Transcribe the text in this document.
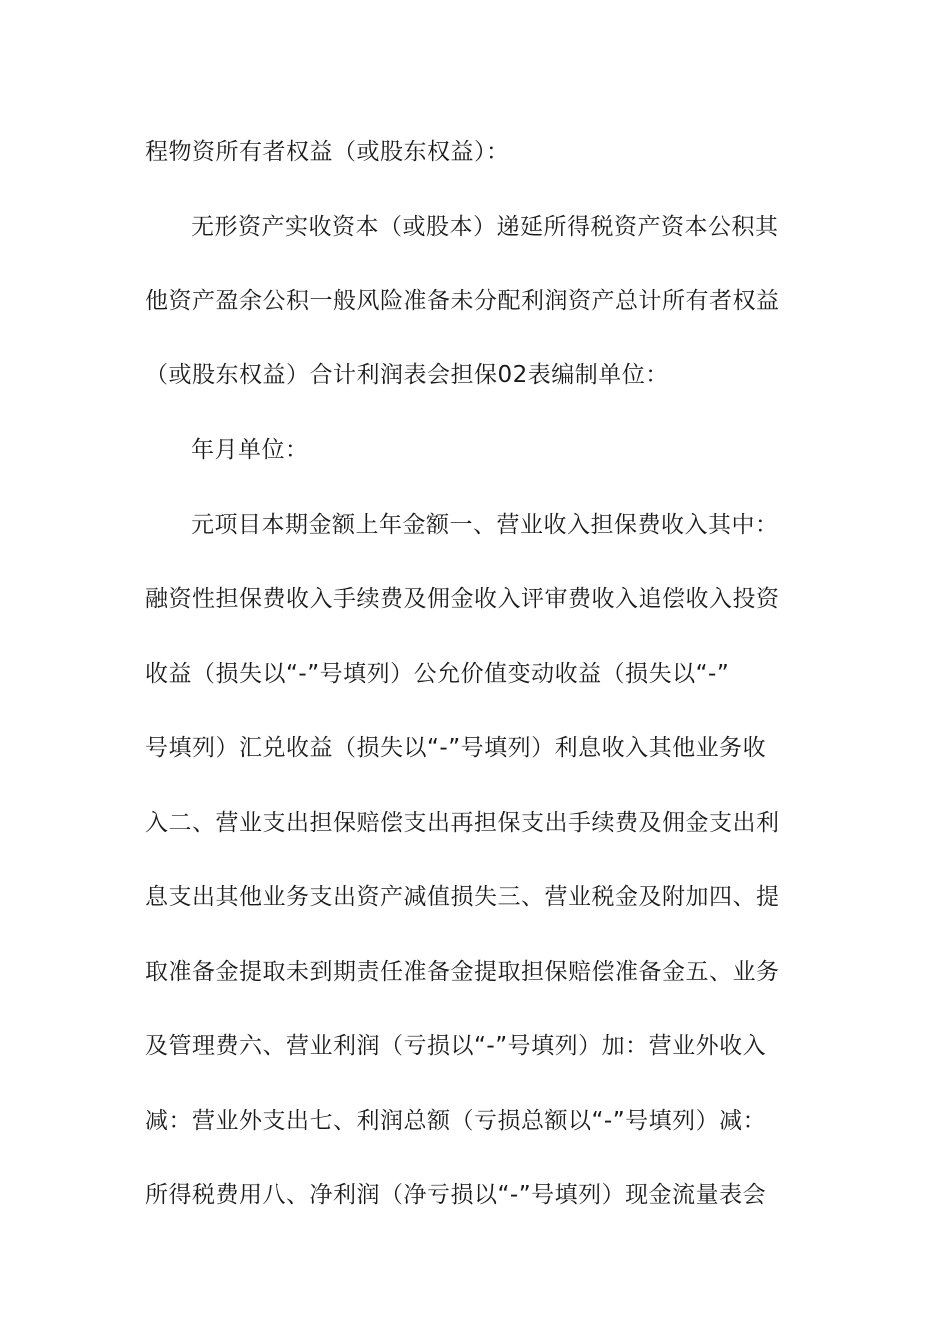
程物资所有者权益（或股东权益）：
无形资产实收资本（或股本）递延所得税资产资本公积其
他资产盈余公积一般风险准备未分配利润资产总计所有者权益
（或股东权益）合计利润表会担保02表编制单位：
年月单位：
元项目本期金额上年金额一、营业收入担保费收入其中：
融资性担保费收入手续费及佣金收入评审费收入追偿收入投资
收益（损失以“-”号填列）公允价值变动收益（损失以“-”
号填列）汇兑收益（损失以“-”号填列）利息收入其他业务收
入二、营业支出担保赔偿支出再担保支出手续费及佣金支出利
息支出其他业务支出资产减值损失三、营业税金及附加四、提
取准备金提取未到期责任准备金提取担保赔偿准备金五、业务
及管理费六、营业利润（亏损以“-”号填列）加：营业外收入
减：营业外支出七、利润总额（亏损总额以“-”号填列）减：
所得税费用八、净利润（净亏损以“-”号填列）现金流量表会
